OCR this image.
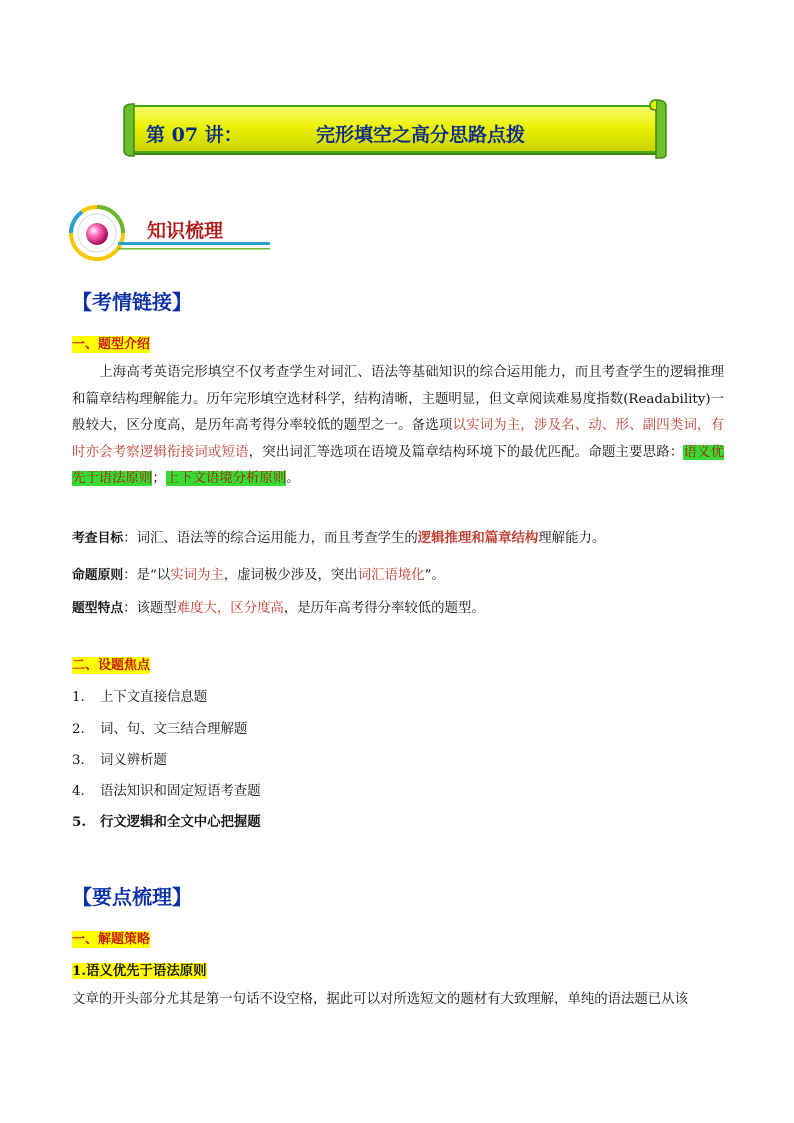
第 07 讲：	完形填空之高分思路点拨
知识梳理
【考情链接】
一、题型介绍
上海高考英语完形填空不仅考查学生对词汇、语法等基础知识的综合运用能力，而且考查学生的逻辑推理和篇章结构理解能力。历年完形填空选材科学，结构清晰，主题明显，但文章阅读难易度指数(Readability)一般较大，区分度高，是历年高考得分率较低的题型之一。备选项以实词为主，涉及名、动、形、副四类词，有时亦会考察逻辑衔接词或短语，突出词汇等选项在语境及篇章结构环境下的最优匹配。命题主要思路：语义优先于语法原则；上下文语境分析原则。
考查目标：词汇、语法等的综合运用能力，而且考查学生的逻辑推理和篇章结构理解能力。
命题原则：是“以实词为主，虚词极少涉及，突出词汇语境化”。
题型特点：该题型难度大，区分度高，是历年高考得分率较低的题型。
二、设题焦点
1. 上下文直接信息题
2. 词、句、文三结合理解题
3. 词义辨析题
4. 语法知识和固定短语考查题
5. 行文逻辑和全文中心把握题
【要点梳理】
一、解题策略
1.语义优先于语法原则
文章的开头部分尤其是第一句话不设空格，据此可以对所选短文的题材有大致理解，单纯的语法题已从该
